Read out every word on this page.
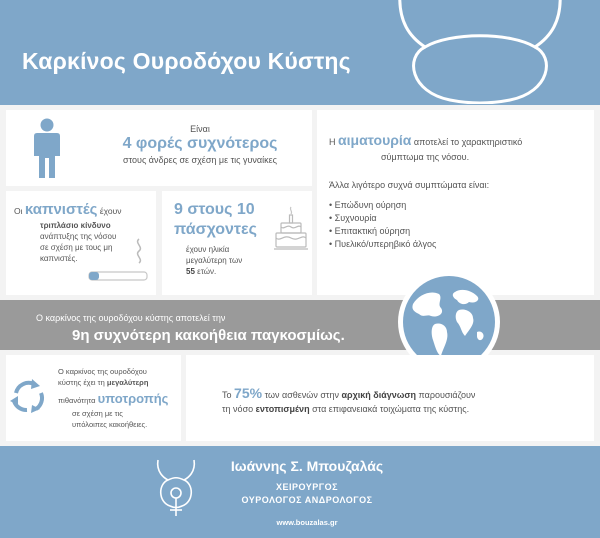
Καρκίνος Ουροδόχου Κύστης
Είναι
4 φορές συχνότερος
στους άνδρες σε σχέση με τις γυναίκες
Οι καπνιστές έχουν
τριπλάσιο κίνδυνο
ανάπτυξης της νόσου
σε σχέση με τους μη
καπνιστές.
9 στους 10
πάσχοντες
έχουν ηλικία
μεγαλύτερη των
55 ετών.
Η αιματουρία αποτελεί το χαρακτηριστικό
σύμπτωμα της νόσου.
Άλλα λιγότερο συχνά συμπτώματα είναι:
• Επώδυνη ούρηση
• Συχνουρία
• Επιτακτική ούρηση
• Πυελικό/υπερηβικό άλγος
Ο καρκίνος της ουροδόχου κύστης αποτελεί την
9η συχνότερη κακοήθεια παγκοσμίως.
Ο καρκίνος της ουροδόχου
κύστης έχει τη μεγαλύτερη
πιθανότητα υποτροπής
σε σχέση με τις
υπόλοιπες κακοήθειες.
Το 75% των ασθενών στην αρχική διάγνωση παρουσιάζουν
τη νόσο εντοπισμένη στα επιφανειακά τοιχώματα της κύστης.
Ιωάννης Σ. Μπουζαλάς
ΧΕΙΡΟΥΡΓΟΣ
ΟΥΡΟΛΟΓΟΣ ΑΝΔΡΟΛΟΓΟΣ
www.bouzalas.gr
